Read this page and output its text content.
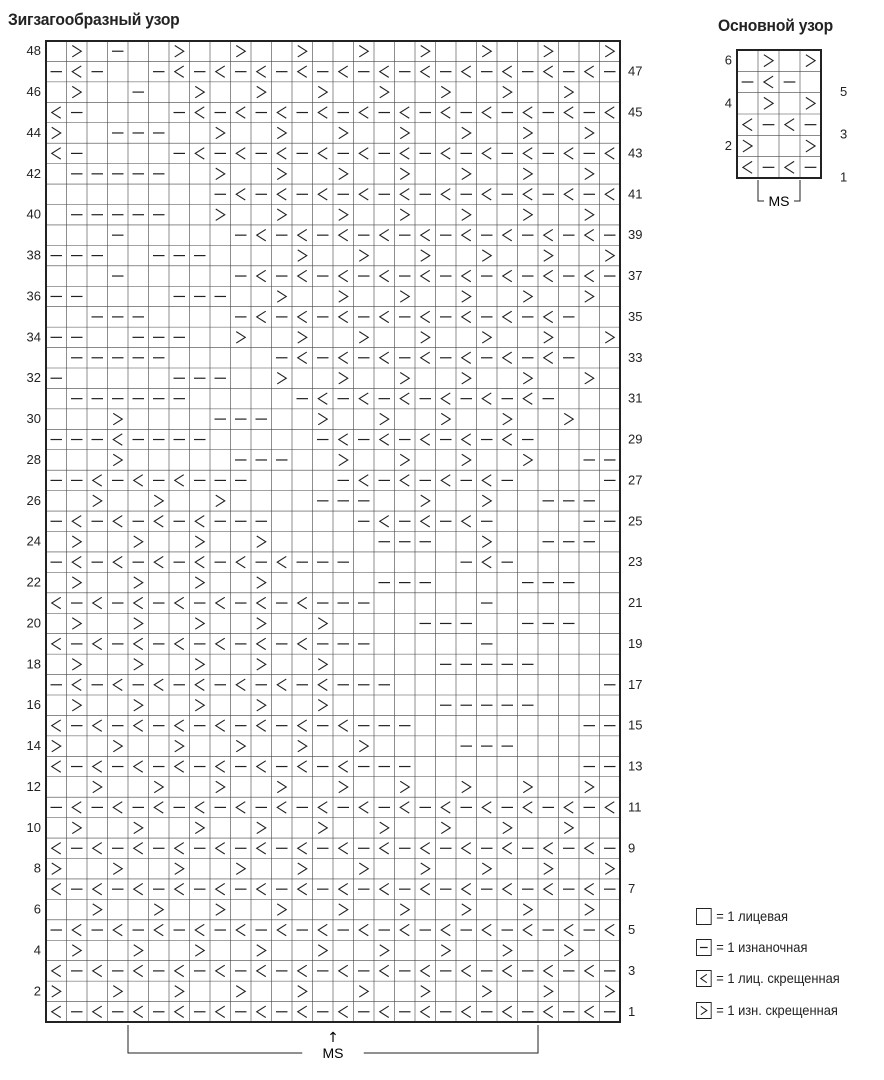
Зигзагообразный узор	Основной узор
1
3
5
7
9
11
13
15
17
19
21
23
25
27
29
31
33
35
37
39
41
43
45
47
2
4
6
8
10
12
14
16
18
20
22
24
26
28
30
32
34
36
38
40
42
44
46
48
↑
MS
1
3
5
2
4
6
MS
= 1 лицевая
= 1 изнаночная
= 1 лиц. скрещенная
= 1 изн. скрещенная
